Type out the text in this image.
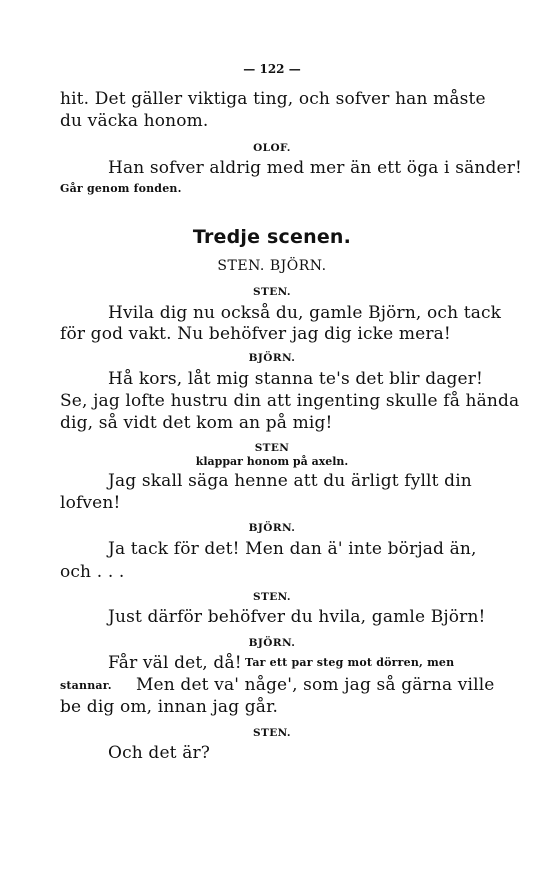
— 122 —
hit. Det gäller viktiga ting, och sofver han måste
du väcka honom.
OLOF.
Han sofver aldrig med mer än ett öga i sänder!
Går genom fonden.
Tredje scenen.
STEN. BJÖRN.
STEN.
Hvila dig nu också du, gamle Björn, och tack
för god vakt. Nu behöfver jag dig icke mera!
BJÖRN.
Hå kors, låt mig stanna te's det blir dager!
Se, jag lofte hustru din att ingenting skulle få hända
dig, så vidt det kom an på mig!
STEN
klappar honom på axeln.
Jag skall säga henne att du ärligt fyllt din
lofven!
BJÖRN.
Ja tack för det! Men dan ä' inte börjad än,
och . . .
STEN.
Just därför behöfver du hvila, gamle Björn!
BJÖRN.
Får väl det, då! Tar ett par steg mot dörren, men
stannar. Men det va' någe', som jag så gärna ville
be dig om, innan jag går.
STEN.
Och det är?
